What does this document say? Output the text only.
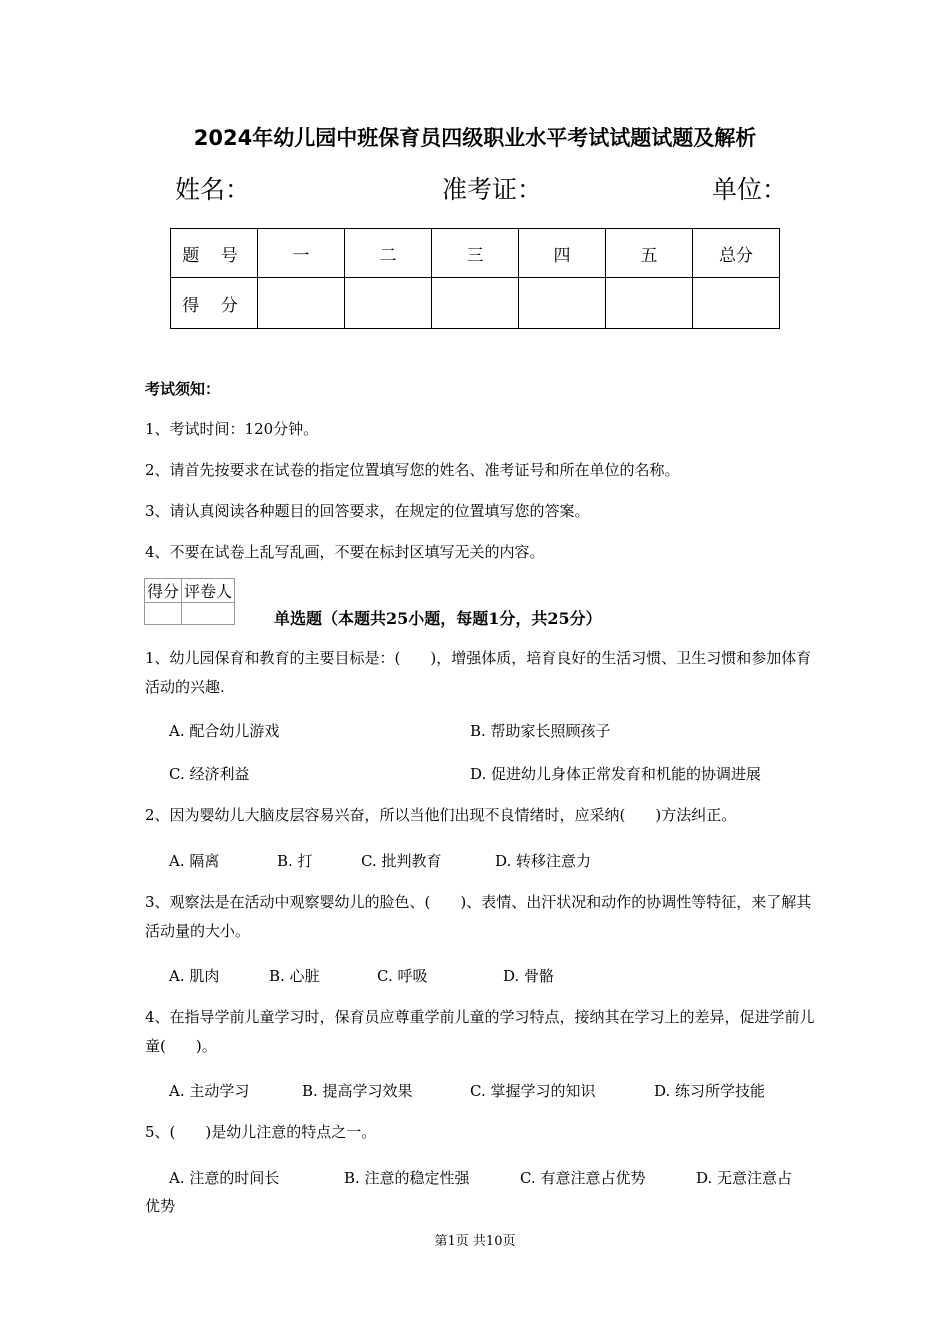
2024年幼儿园中班保育员四级职业水平考试试题试题及解析
姓名：	准考证：	单位：
题 号	一	二	三	四	五	总分
得 分						
考试须知：
1、考试时间：120分钟。
2、请首先按要求在试卷的指定位置填写您的姓名、准考证号和所在单位的名称。
3、请认真阅读各种题目的回答要求，在规定的位置填写您的答案。
4、不要在试卷上乱写乱画，不要在标封区填写无关的内容。
得分	评卷人

单选题（本题共25小题，每题1分，共25分）
1、幼儿园保育和教育的主要目标是：(　　)，增强体质，培育良好的生活习惯、卫生习惯和参加体育活动的兴趣.
A. 配合幼儿游戏	B. 帮助家长照顾孩子
C. 经济利益	D. 促进幼儿身体正常发育和机能的协调进展
2、因为婴幼儿大脑皮层容易兴奋，所以当他们出现不良情绪时，应采纳(　　)方法纠正。
A. 隔离	B. 打	C. 批判教育	D. 转移注意力
3、观察法是在活动中观察婴幼儿的脸色、(　　)、表情、出汗状况和动作的协调性等特征，来了解其活动量的大小。
A. 肌肉	B. 心脏	C. 呼吸	D. 骨骼
4、在指导学前儿童学习时，保育员应尊重学前儿童的学习特点，接纳其在学习上的差异，促进学前儿童(　　)。
A. 主动学习	B. 提高学习效果	C. 掌握学习的知识	D. 练习所学技能
5、(　　)是幼儿注意的特点之一。
A. 注意的时间长	B. 注意的稳定性强	C. 有意注意占优势	D. 无意注意占
优势
第1页 共10页
